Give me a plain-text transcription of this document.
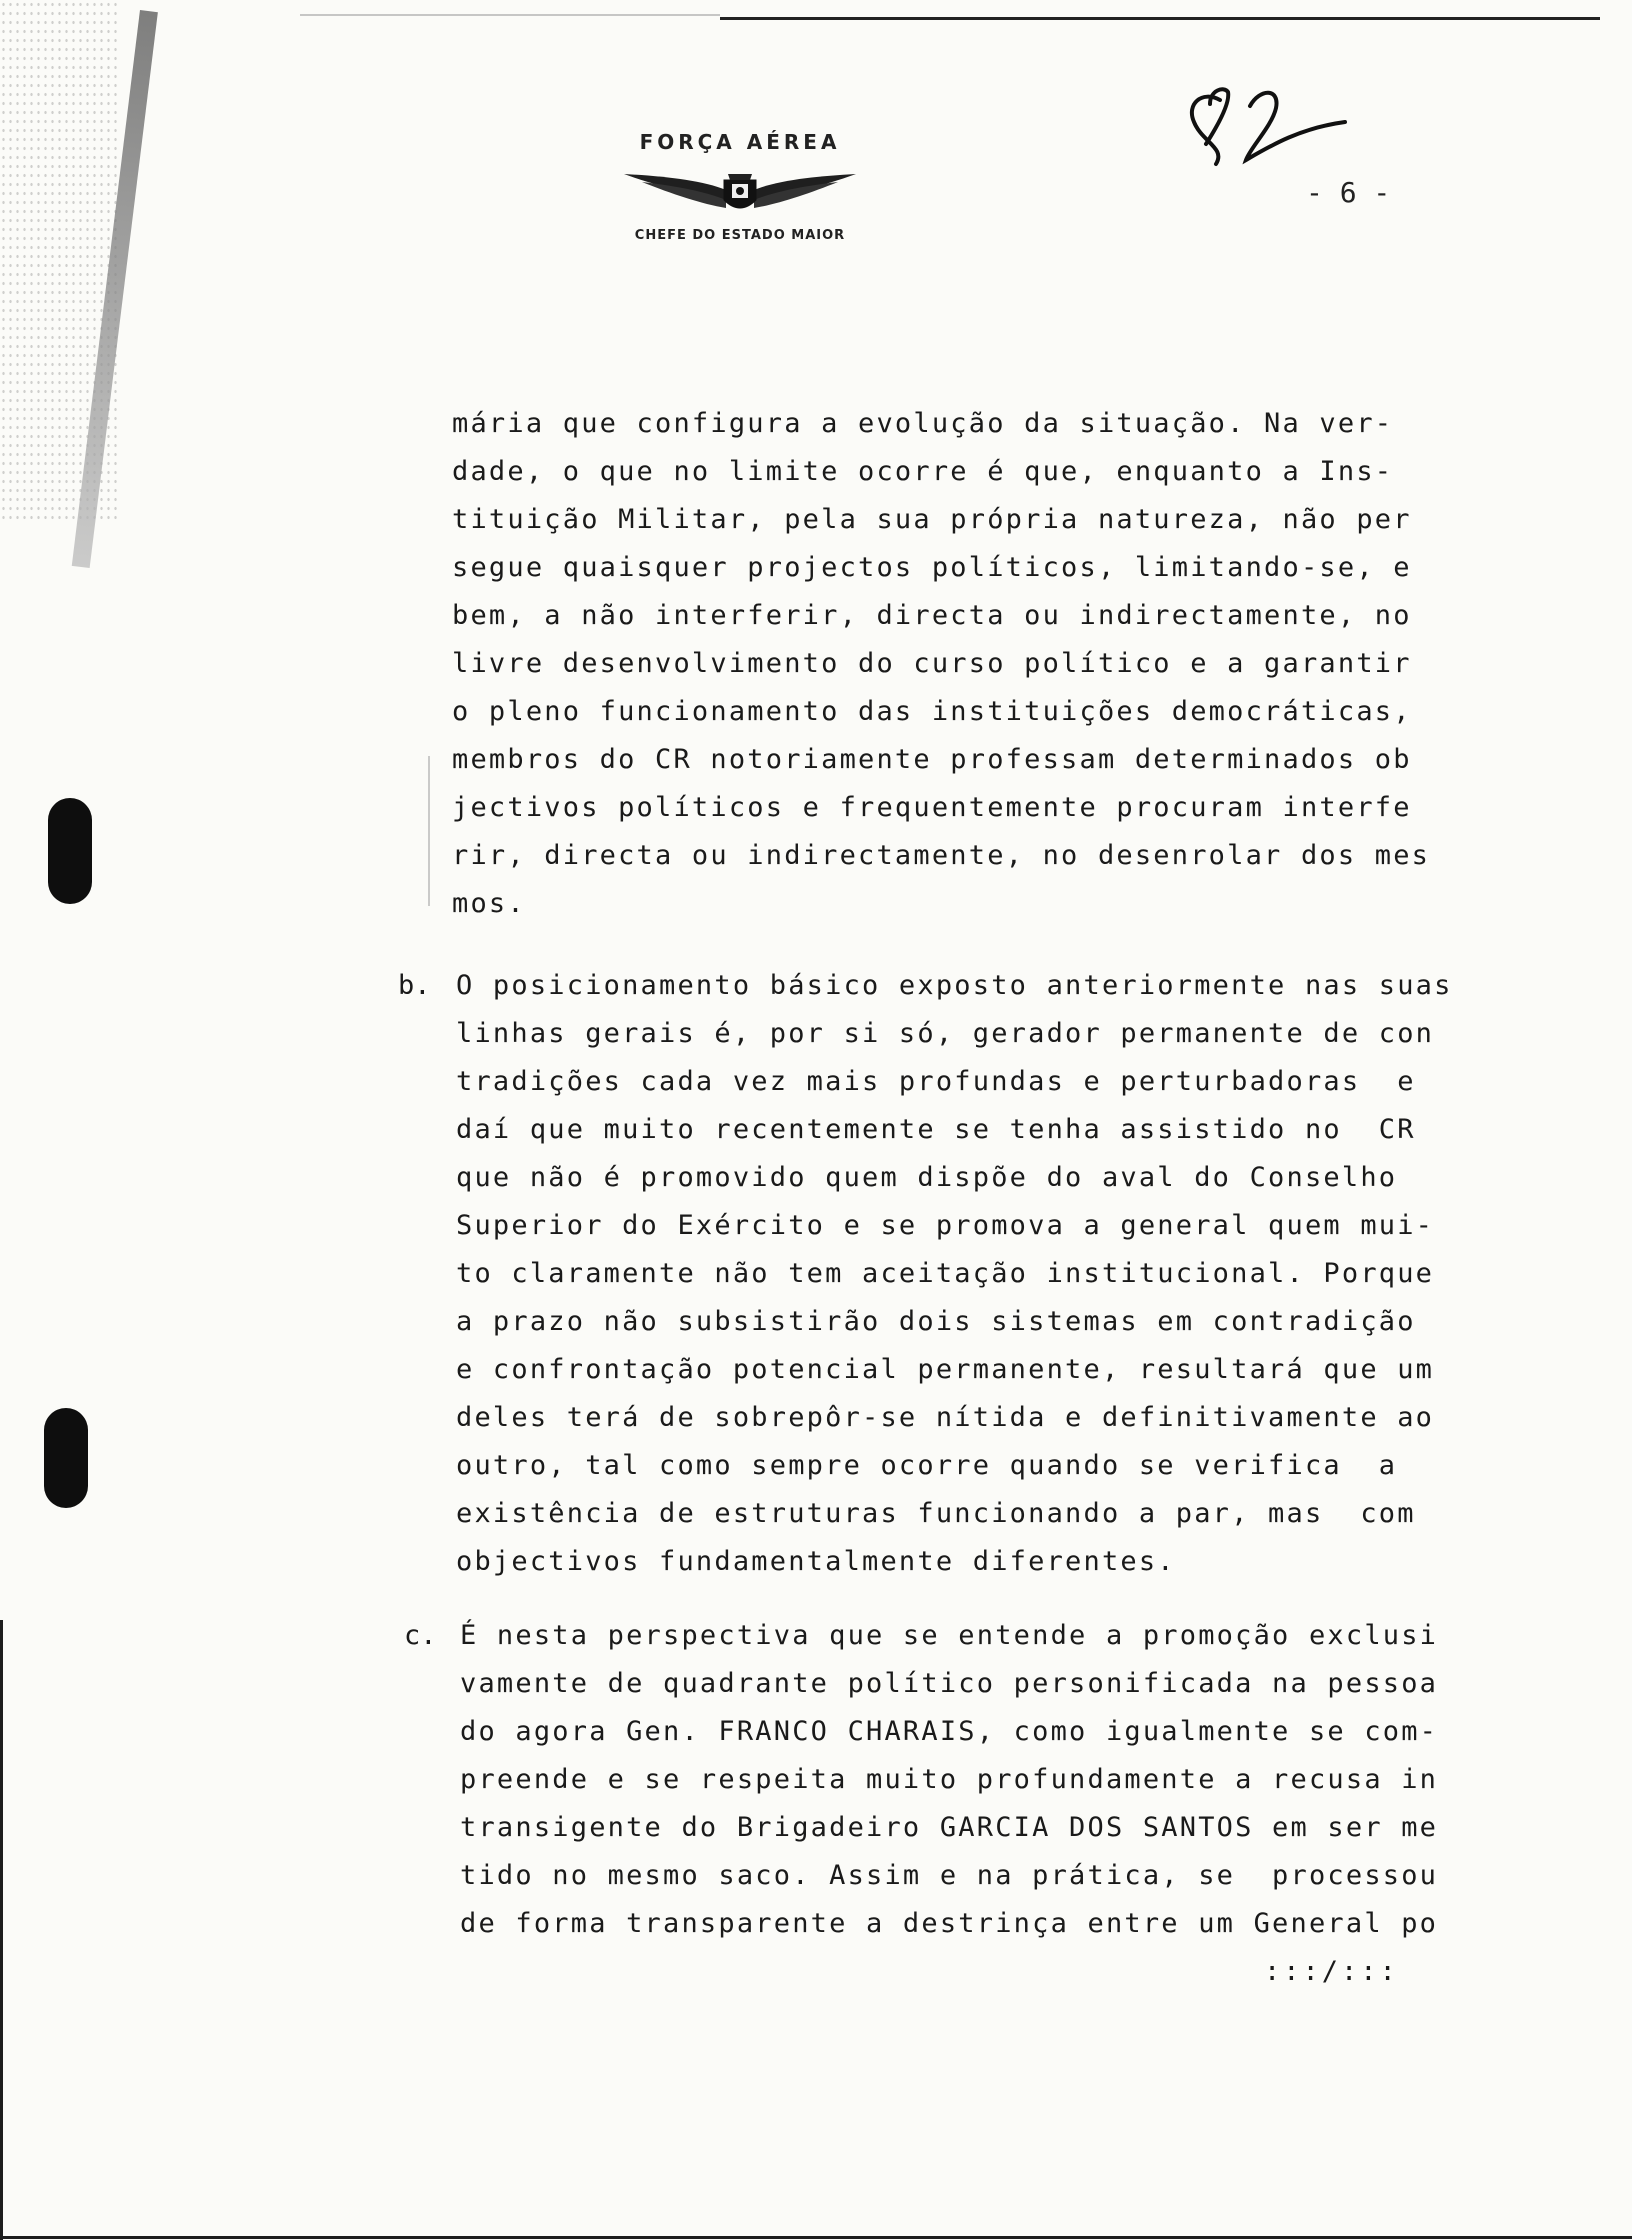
FORÇA AÉREA
CHEFE DO ESTADO MAIOR
- 6 -
mária que configura a evolução da situação. Na ver-
dade, o que no limite ocorre é que, enquanto a Ins-
tituição Militar, pela sua própria natureza, não per
segue quaisquer projectos políticos, limitando-se, e
bem, a não interferir, directa ou indirectamente, no
livre desenvolvimento do curso político e a garantir
o pleno funcionamento das instituições democráticas,
membros do CR notoriamente professam determinados ob
jectivos políticos e frequentemente procuram interfe
rir, directa ou indirectamente, no desenrolar dos mes
mos.
b. O posicionamento básico exposto anteriormente nas suas
linhas gerais é, por si só, gerador permanente de con
tradições cada vez mais profundas e perturbadoras  e
daí que muito recentemente se tenha assistido no  CR
que não é promovido quem dispõe do aval do Conselho
Superior do Exército e se promova a general quem mui-
to claramente não tem aceitação institucional. Porque
a prazo não subsistirão dois sistemas em contradição
e confrontação potencial permanente, resultará que um
deles terá de sobrepôr-se nítida e definitivamente ao
outro, tal como sempre ocorre quando se verifica  a
existência de estruturas funcionando a par, mas  com
objectivos fundamentalmente diferentes.
c. É nesta perspectiva que se entende a promoção exclusi
vamente de quadrante político personificada na pessoa
do agora Gen. FRANCO CHARAIS, como igualmente se com-
preende e se respeita muito profundamente a recusa in
transigente do Brigadeiro GARCIA DOS SANTOS em ser me
tido no mesmo saco. Assim e na prática, se  processou
de forma transparente a destrinça entre um General po
:::/:::
